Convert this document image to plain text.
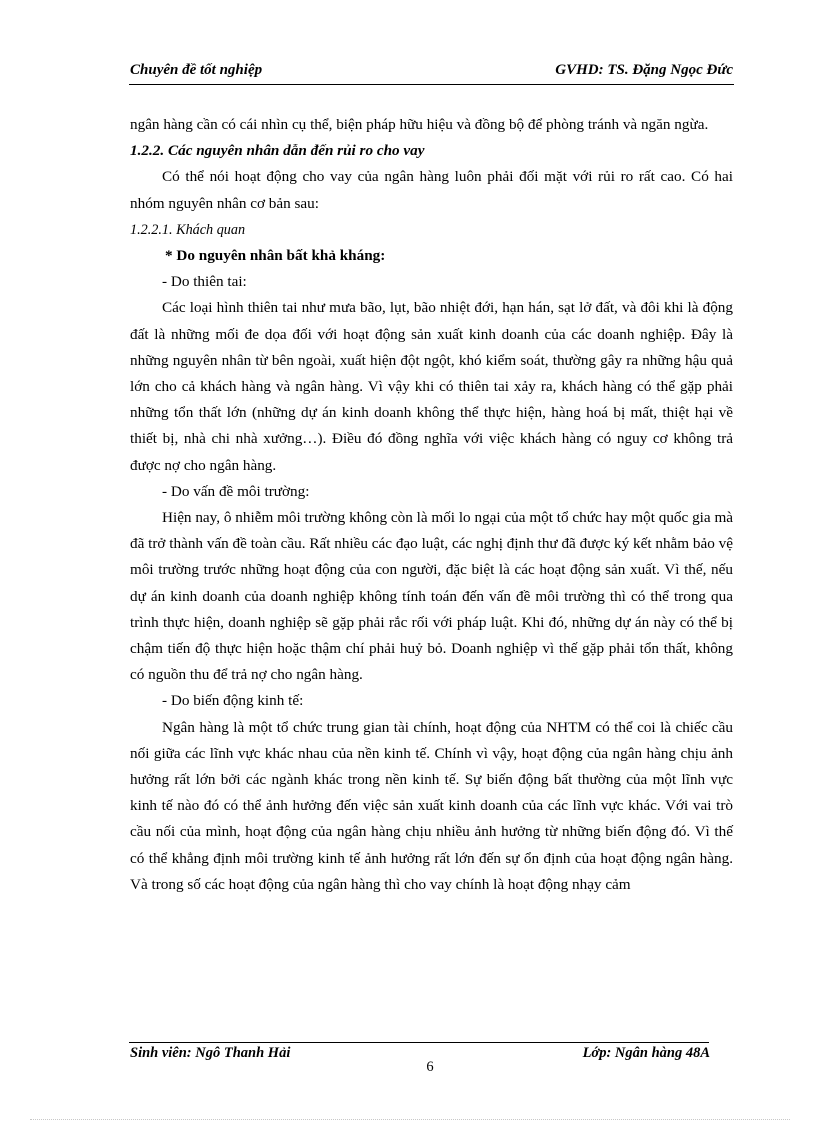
Chuyên đề tốt nghiệp	GVHD: TS. Đặng Ngọc Đức

ngân hàng cần có cái nhìn cụ thể, biện pháp hữu hiệu và đồng bộ để phòng tránh và ngăn ngừa.

1.2.2. Các nguyên nhân dẫn đến rủi ro cho vay

Có thể nói hoạt động cho vay của ngân hàng luôn phải đối mặt với rủi ro rất cao. Có hai nhóm nguyên nhân cơ bản sau:

1.2.2.1. Khách quan

* Do nguyên nhân bất khả kháng:

- Do thiên tai:

Các loại hình thiên tai như mưa bão, lụt, bão nhiệt đới, hạn hán, sạt lở đất, và đôi khi là động đất là những mối đe dọa đối với hoạt động sản xuất kinh doanh của các doanh nghiệp. Đây là những nguyên nhân từ bên ngoài, xuất hiện đột ngột, khó kiểm soát, thường gây ra những hậu quả lớn cho cả khách hàng và ngân hàng. Vì vậy khi có thiên tai xảy ra, khách hàng có thể gặp phải những tổn thất lớn (những dự án kinh doanh không thể thực hiện, hàng hoá bị mất, thiệt hại về thiết bị, nhà chi nhà xưởng…). Điều đó đồng nghĩa với việc khách hàng có nguy cơ không trả được nợ cho ngân hàng.

- Do vấn đề môi trường:

Hiện nay, ô nhiễm môi trường không còn là mối lo ngại của một tổ chức hay một quốc gia mà đã trở thành vấn đề toàn cầu. Rất nhiều các đạo luật, các nghị định thư đã được ký kết nhằm bảo vệ môi trường trước những hoạt động của con người, đặc biệt là các hoạt động sản xuất. Vì thế, nếu dự án kinh doanh của doanh nghiệp không tính toán đến vấn đề môi trường thì có thể trong qua trình thực hiện, doanh nghiệp sẽ gặp phải rắc rối với pháp luật. Khi đó, những dự án này có thể bị chậm tiến độ thực hiện hoặc thậm chí phải huỷ bỏ. Doanh nghiệp vì thế gặp phải tổn thất, không có nguồn thu để trả nợ cho ngân hàng.

- Do biến động kinh tế:

Ngân hàng là một tổ chức trung gian tài chính, hoạt động của NHTM có thể coi là chiếc cầu nối giữa các lĩnh vực khác nhau của nền kinh tế. Chính vì vậy, hoạt động của ngân hàng chịu ảnh hưởng rất lớn bởi các ngành khác trong nền kinh tế. Sự biến động bất thường của một lĩnh vực kinh tế nào đó có thể ảnh hưởng đến việc sản xuất kinh doanh của các lĩnh vực khác. Với vai trò cầu nối của mình, hoạt động của ngân hàng chịu nhiều ảnh hưởng từ những biến động đó. Vì thế có thể khẳng định môi trường kinh tế ảnh hưởng rất lớn đến sự ổn định của hoạt động ngân hàng. Và trong số các hoạt động của ngân hàng thì cho vay chính là hoạt động nhạy cảm

Sinh viên: Ngô Thanh Hải	Lớp: Ngân hàng 48A
6
